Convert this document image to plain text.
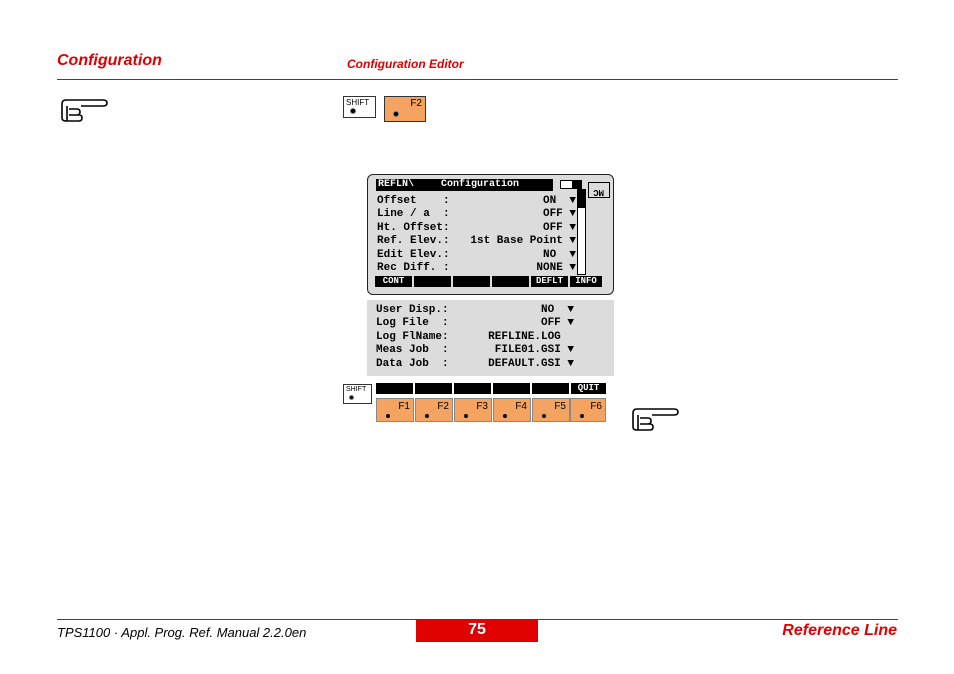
Configuration	Configuration Editor
SHIFT	F2
REFLN\	Configuration
MC
Offset    :	ON  ▼
Line / a  :	OFF ▼
Ht. Offset:	OFF ▼
Ref. Elev.: 1st Base Point ▼
Edit Elev.:	NO  ▼
Rec Diff. :	NONE ▼
CONT	DEFLT	INFO
User Disp.:	NO  ▼
Log File  :	OFF ▼
Log FlName:	REFLINE.LOG
Meas Job  :	FILE01.GSI ▼
Data Job  :	DEFAULT.GSI ▼
SHIFT	QUIT
F1	F2	F3	F4	F5 F6
TPS1100 · Appl. Prog. Ref. Manual 2.2.0en	75	Reference Line
